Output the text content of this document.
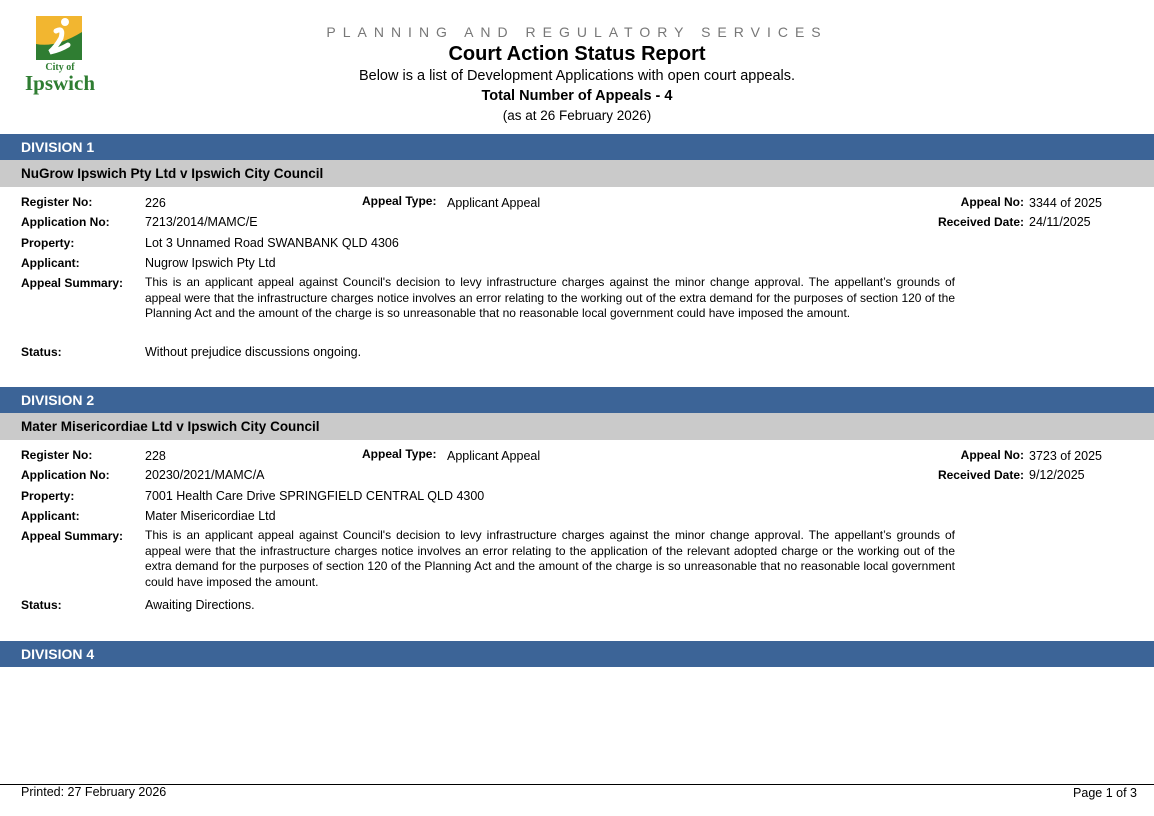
City of
Ipswich
PLANNING AND REGULATORY SERVICES
Court Action Status Report
Below is a list of Development Applications with open court appeals.
Total Number of Appeals - 4
(as at 26 February 2026)
DIVISION 1
NuGrow Ipswich Pty Ltd v Ipswich City Council
Register No:	226	Appeal Type: Applicant Appeal	Appeal No: 3344 of 2025
Application No:	7213/2014/MAMC/E	Received Date: 24/11/2025
Property:	Lot 3 Unnamed Road SWANBANK QLD 4306
Applicant:	Nugrow Ipswich Pty Ltd
Appeal Summary: This is an applicant appeal against Council's decision to levy infrastructure charges against the minor change approval. The appellant’s grounds of appeal were that the infrastructure charges notice involves an error relating to the working out of the extra demand for the purposes of section 120 of the Planning Act and the amount of the charge is so unreasonable that no reasonable local government could have imposed the amount.
Status:	Without prejudice discussions ongoing.
DIVISION 2
Mater Misericordiae Ltd v Ipswich City Council
Register No:	228	Appeal Type: Applicant Appeal	Appeal No: 3723 of 2025
Application No:	20230/2021/MAMC/A	Received Date: 9/12/2025
Property:	7001 Health Care Drive SPRINGFIELD CENTRAL QLD 4300
Applicant:	Mater Misericordiae Ltd
Appeal Summary: This is an applicant appeal against Council's decision to levy infrastructure charges against the minor change approval. The appellant’s grounds of appeal were that the infrastructure charges notice involves an error relating to the application of the relevant adopted charge or the working out of the extra demand for the purposes of section 120 of the Planning Act and the amount of the charge is so unreasonable that no reasonable local government could have imposed the amount.
Status:	Awaiting Directions.
DIVISION 4
Printed: 27 February 2026	Page 1 of 3
